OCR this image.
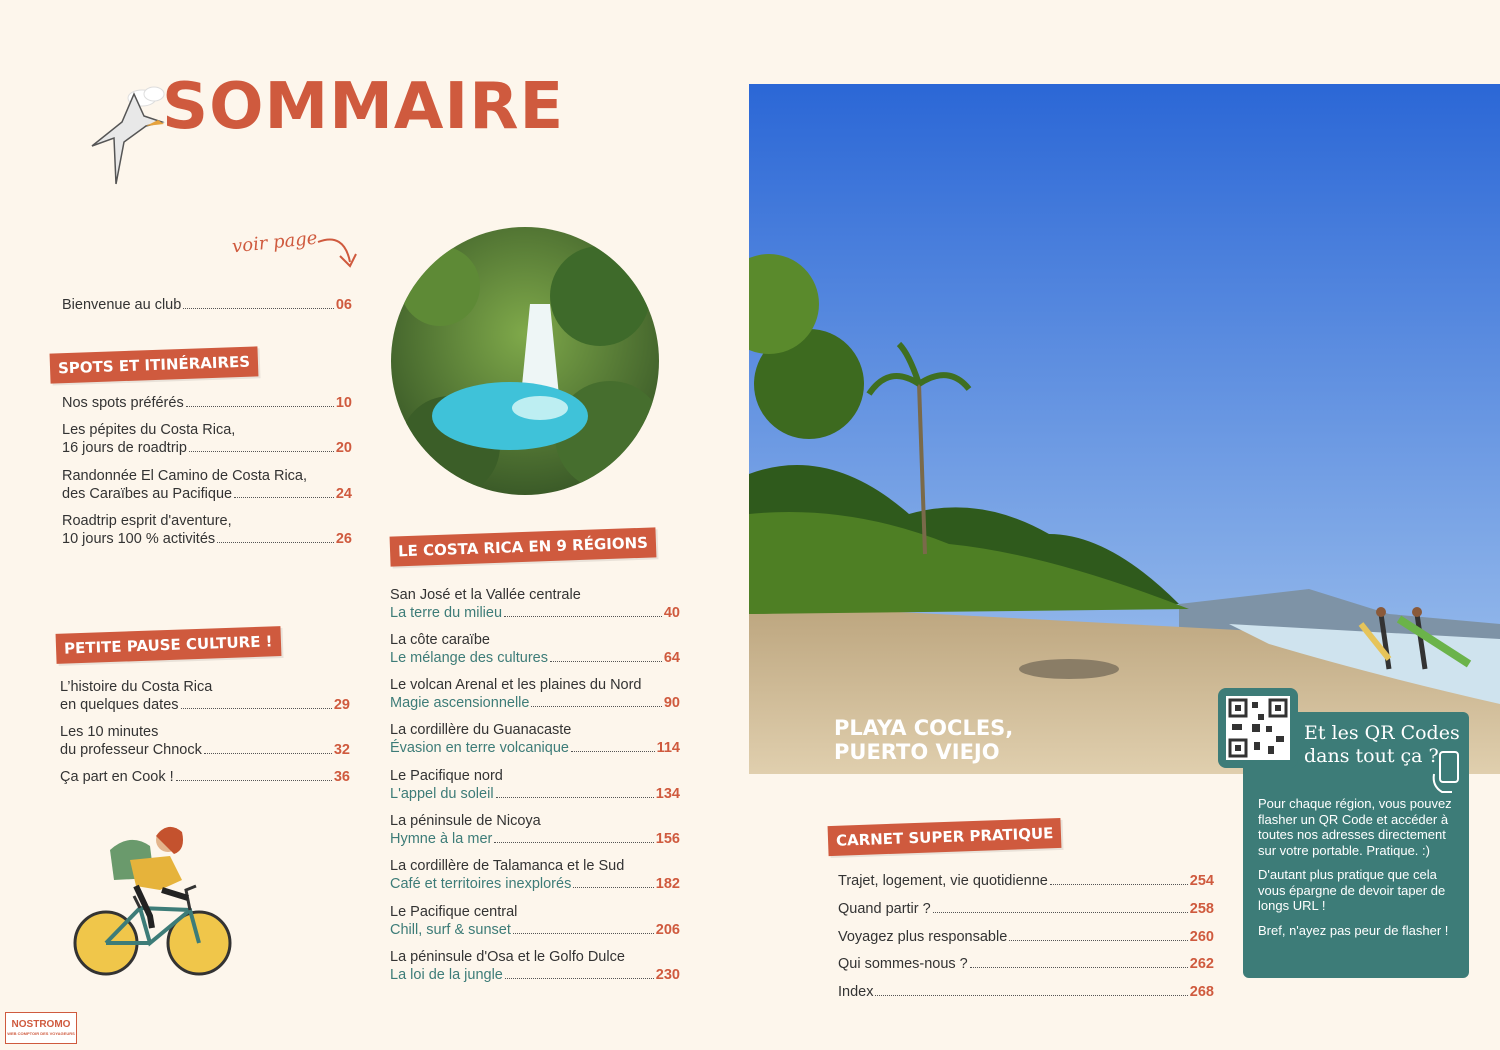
SOMMAIRE
voir page
Bienvenue au club	06
SPOTS ET ITINÉRAIRES
Nos spots préférés	10
Les pépites du Costa Rica,
16 jours de roadtrip	20
Randonnée El Camino de Costa Rica,
des Caraïbes au Pacifique	24
Roadtrip esprit d'aventure,
10 jours 100 % activités	26
PETITE PAUSE CULTURE !
L’histoire du Costa Rica
en quelques dates	29
Les 10 minutes
du professeur Chnock	32
Ça part en Cook !	36
LE COSTA RICA EN 9 RÉGIONS
San José et la Vallée centrale
La terre du milieu	40
La côte caraïbe
Le mélange des cultures	64
Le volcan Arenal et les plaines du Nord
Magie ascensionnelle	90
La cordillère du Guanacaste
Évasion en terre volcanique	114
Le Pacifique nord
L'appel du soleil	134
La péninsule de Nicoya
Hymne à la mer	156
La cordillère de Talamanca et le Sud
Café et territoires inexplorés	182
Le Pacifique central
Chill, surf & sunset	206
La péninsule d'Osa et le Golfo Dulce
La loi de la jungle	230
PLAYA COCLES,
PUERTO VIEJO
Et les QR Codes
dans tout ça ?

Pour chaque région, vous pouvez flasher un QR Code et accéder à toutes nos adresses directement sur votre portable. Pratique. :)

D'autant plus pratique que cela vous épargne de devoir taper de longs URL !

Bref, n'ayez pas peur de flasher !

CARNET SUPER PRATIQUE
Trajet, logement, vie quotidienne	254
Quand partir ?	258
Voyagez plus responsable	260
Qui sommes-nous ?	262
Index	268
NOSTROMO
WEB COMPTOIR DES VOYAGEURS
